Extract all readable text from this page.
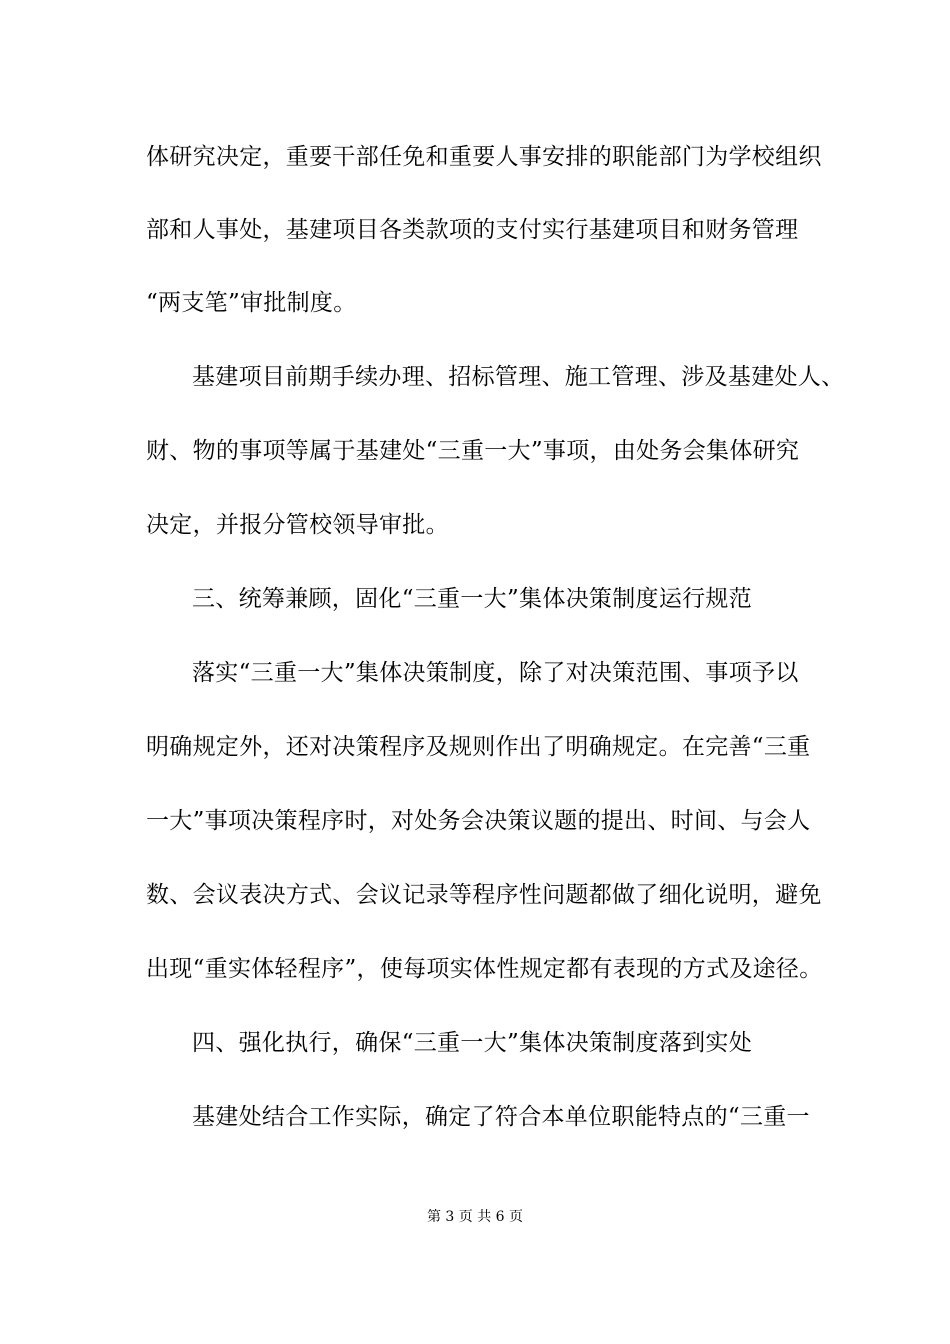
体研究决定，重要干部任免和重要人事安排的职能部门为学校组织
部和人事处，基建项目各类款项的支付实行基建项目和财务管理
“两支笔”审批制度。
基建项目前期手续办理、招标管理、施工管理、涉及基建处人、
财、物的事项等属于基建处“三重一大”事项，由处务会集体研究
决定，并报分管校领导审批。
三、统筹兼顾，固化“三重一大”集体决策制度运行规范
落实“三重一大”集体决策制度，除了对决策范围、事项予以
明确规定外，还对决策程序及规则作出了明确规定。在完善“三重
一大”事项决策程序时，对处务会决策议题的提出、时间、与会人
数、会议表决方式、会议记录等程序性问题都做了细化说明，避免
出现“重实体轻程序”，使每项实体性规定都有表现的方式及途径。
四、强化执行，确保“三重一大”集体决策制度落到实处
基建处结合工作实际，确定了符合本单位职能特点的“三重一
第 3 页 共 6 页
